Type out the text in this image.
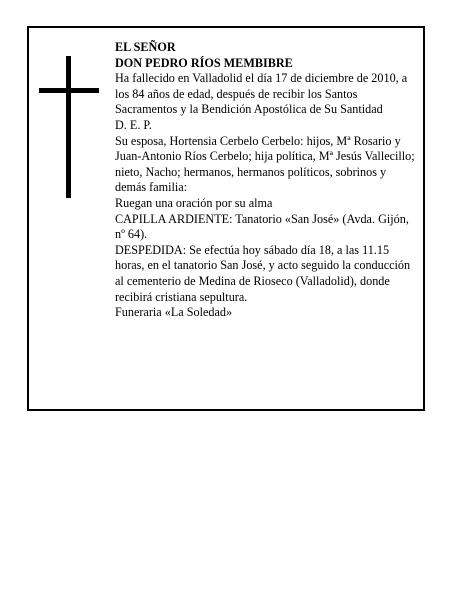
EL SEÑOR

DON PEDRO RÍOS MEMBIBRE

Ha fallecido en Valladolid el día 17 de diciembre de 2010, a los 84 años de edad, después de recibir los Santos Sacramentos y la Bendición Apostólica de Su Santidad

D. E. P.

Su esposa, Hortensia Cerbelo Cerbelo: hijos, Mª Rosario y Juan-Antonio Ríos Cerbelo; hija política, Mª Jesús Vallecillo; nieto, Nacho; hermanos, hermanos políticos, sobrinos y demás familia:

Ruegan una oración por su alma

CAPILLA ARDIENTE: Tanatorio «San José» (Avda. Gijón, nº 64).

DESPEDIDA: Se efectúa hoy sábado día 18, a las 11.15 horas, en el tanatorio San José, y acto seguido la conducción al cementerio de Medina de Rioseco (Valladolid), donde recibirá cristiana sepultura.

Funeraria «La Soledad»
